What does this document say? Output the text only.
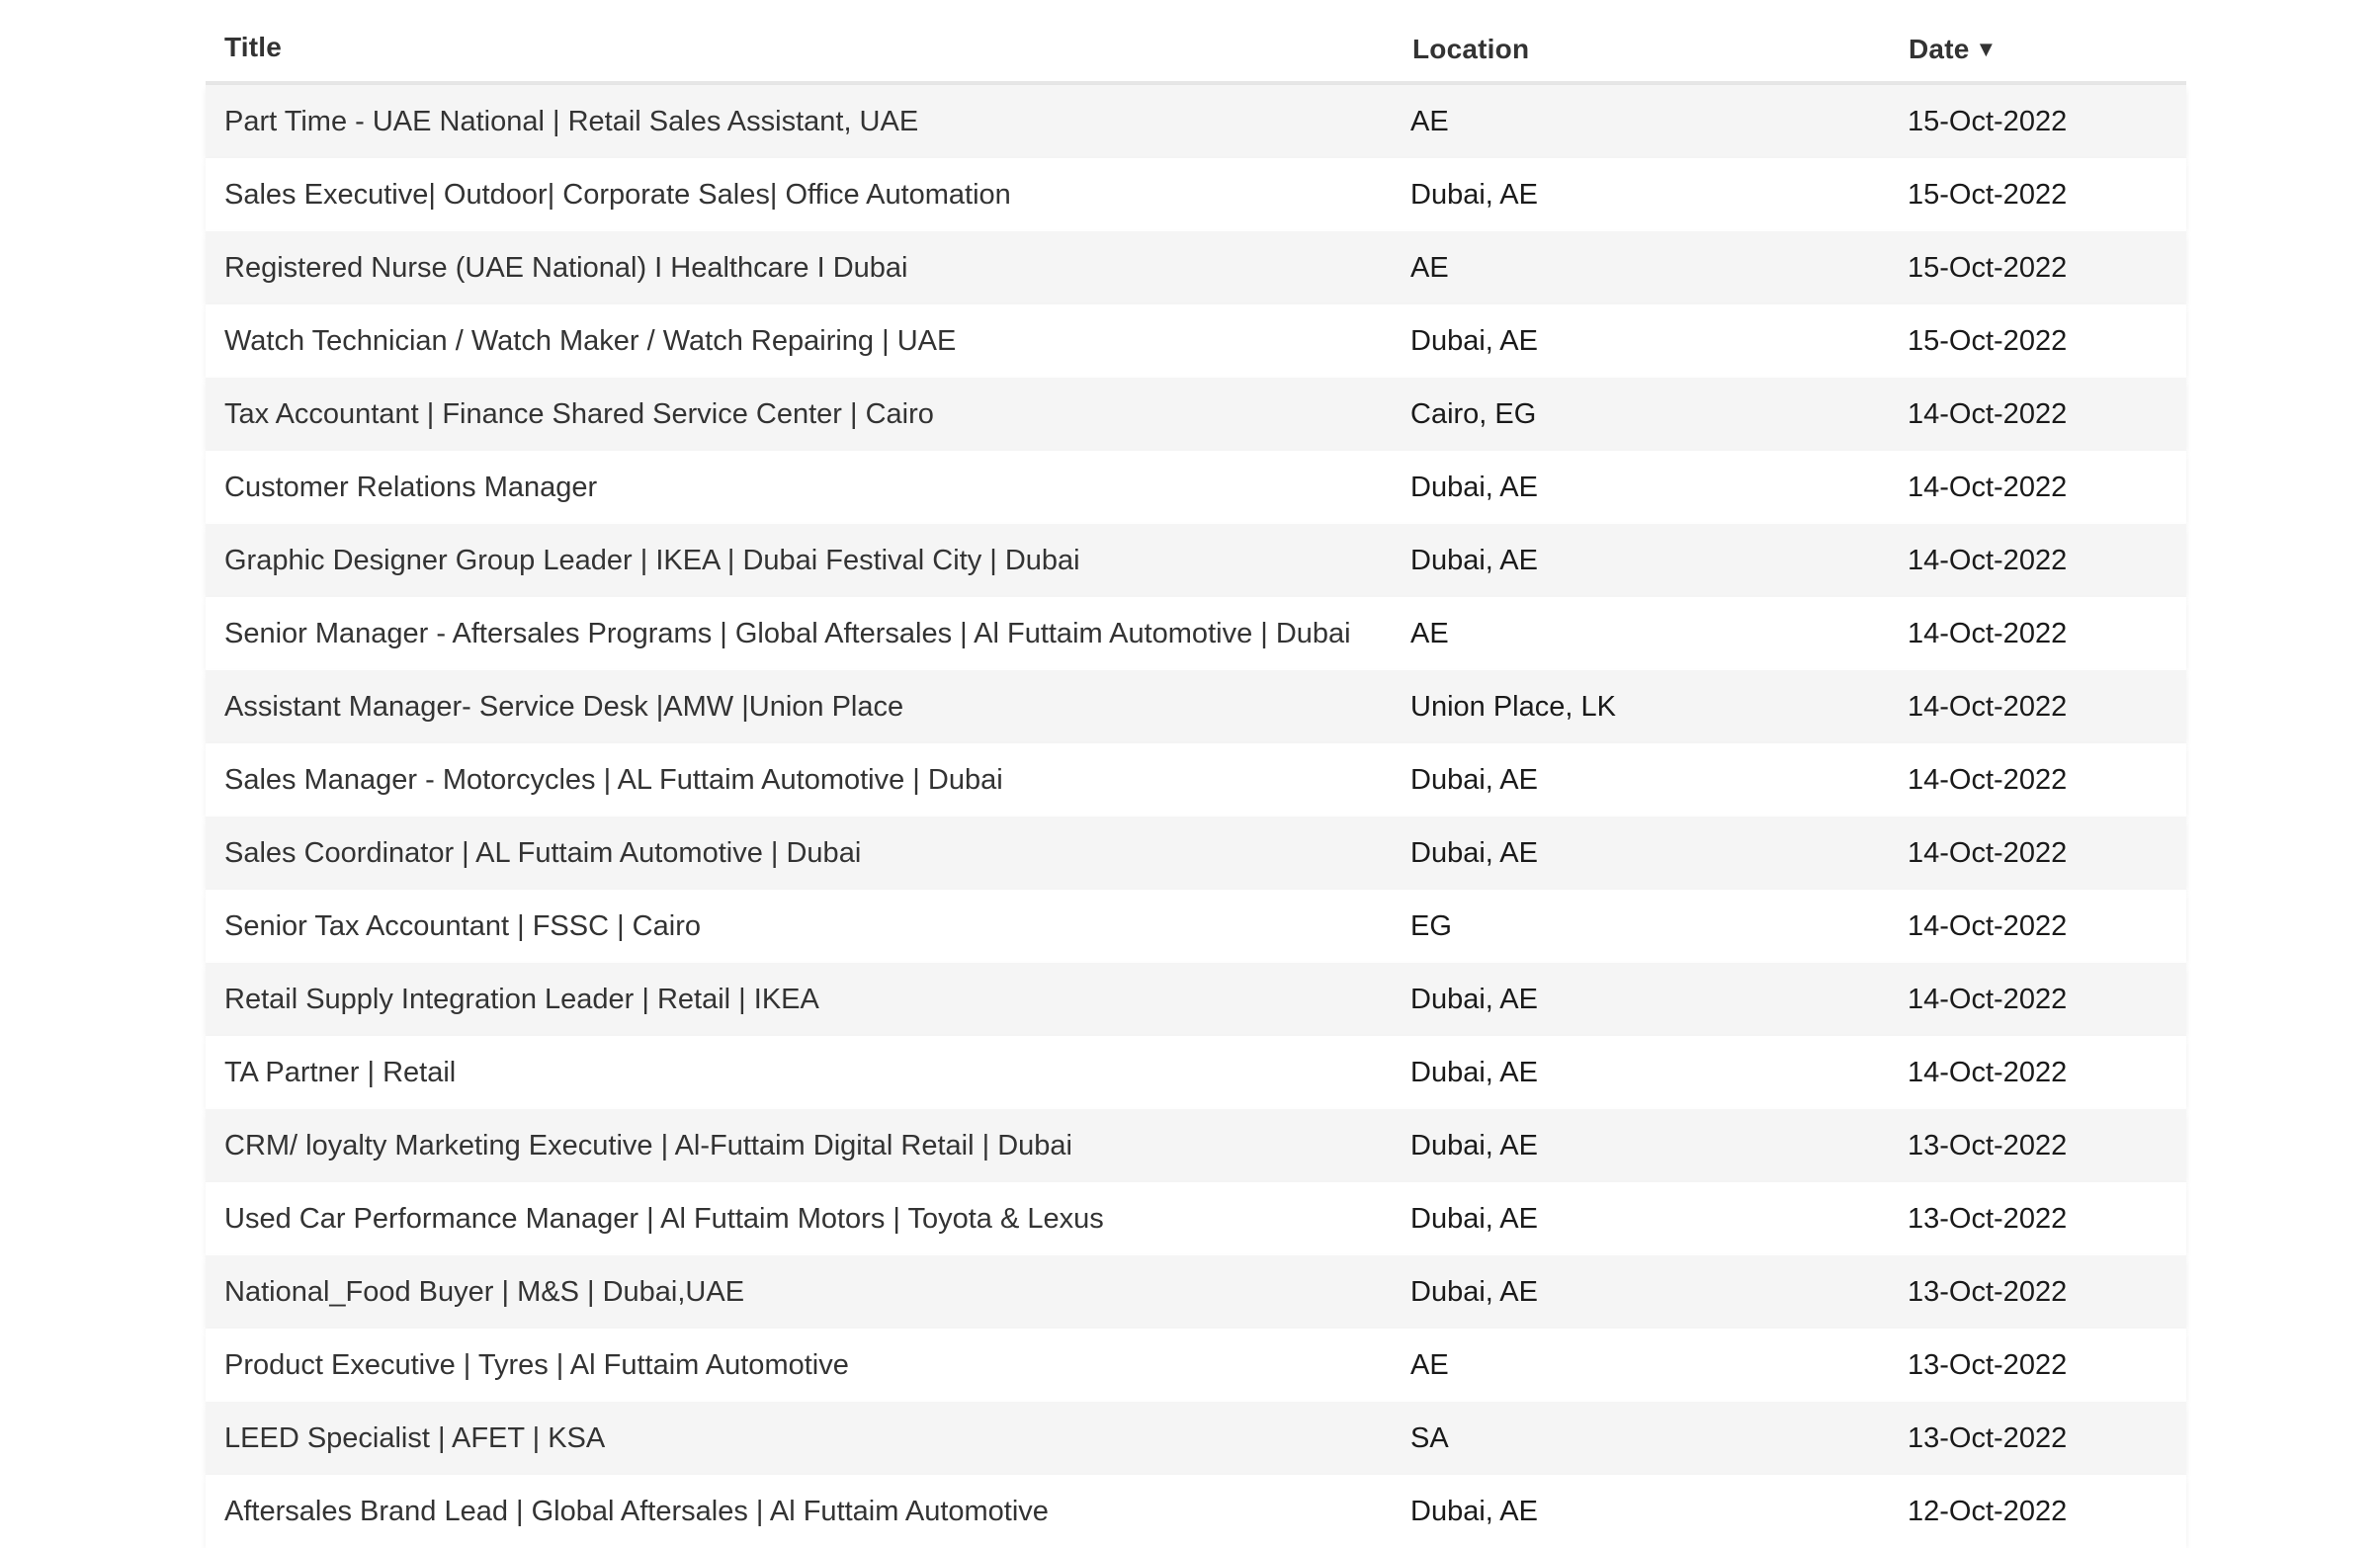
Title	Location	Date ▼
Part Time - UAE National | Retail Sales Assistant, UAE	AE	15-Oct-2022
Sales Executive| Outdoor| Corporate Sales| Office Automation	Dubai, AE	15-Oct-2022
Registered Nurse (UAE National) I Healthcare I Dubai	AE	15-Oct-2022
Watch Technician / Watch Maker / Watch Repairing | UAE	Dubai, AE	15-Oct-2022
Tax Accountant | Finance Shared Service Center | Cairo	Cairo, EG	14-Oct-2022
Customer Relations Manager	Dubai, AE	14-Oct-2022
Graphic Designer Group Leader | IKEA | Dubai Festival City | Dubai	Dubai, AE	14-Oct-2022
Senior Manager - Aftersales Programs | Global Aftersales | Al Futtaim Automotive | Dubai	AE	14-Oct-2022
Assistant Manager- Service Desk |AMW |Union Place	Union Place, LK	14-Oct-2022
Sales Manager - Motorcycles | AL Futtaim Automotive | Dubai	Dubai, AE	14-Oct-2022
Sales Coordinator | AL Futtaim Automotive | Dubai	Dubai, AE	14-Oct-2022
Senior Tax Accountant | FSSC | Cairo	EG	14-Oct-2022
Retail Supply Integration Leader | Retail | IKEA	Dubai, AE	14-Oct-2022
TA Partner | Retail	Dubai, AE	14-Oct-2022
CRM/ loyalty Marketing Executive | Al-Futtaim Digital Retail | Dubai	Dubai, AE	13-Oct-2022
Used Car Performance Manager | Al Futtaim Motors | Toyota & Lexus	Dubai, AE	13-Oct-2022
National_Food Buyer | M&S | Dubai,UAE	Dubai, AE	13-Oct-2022
Product Executive | Tyres | Al Futtaim Automotive	AE	13-Oct-2022
LEED Specialist | AFET | KSA	SA	13-Oct-2022
Aftersales Brand Lead | Global Aftersales | Al Futtaim Automotive	Dubai, AE	12-Oct-2022
